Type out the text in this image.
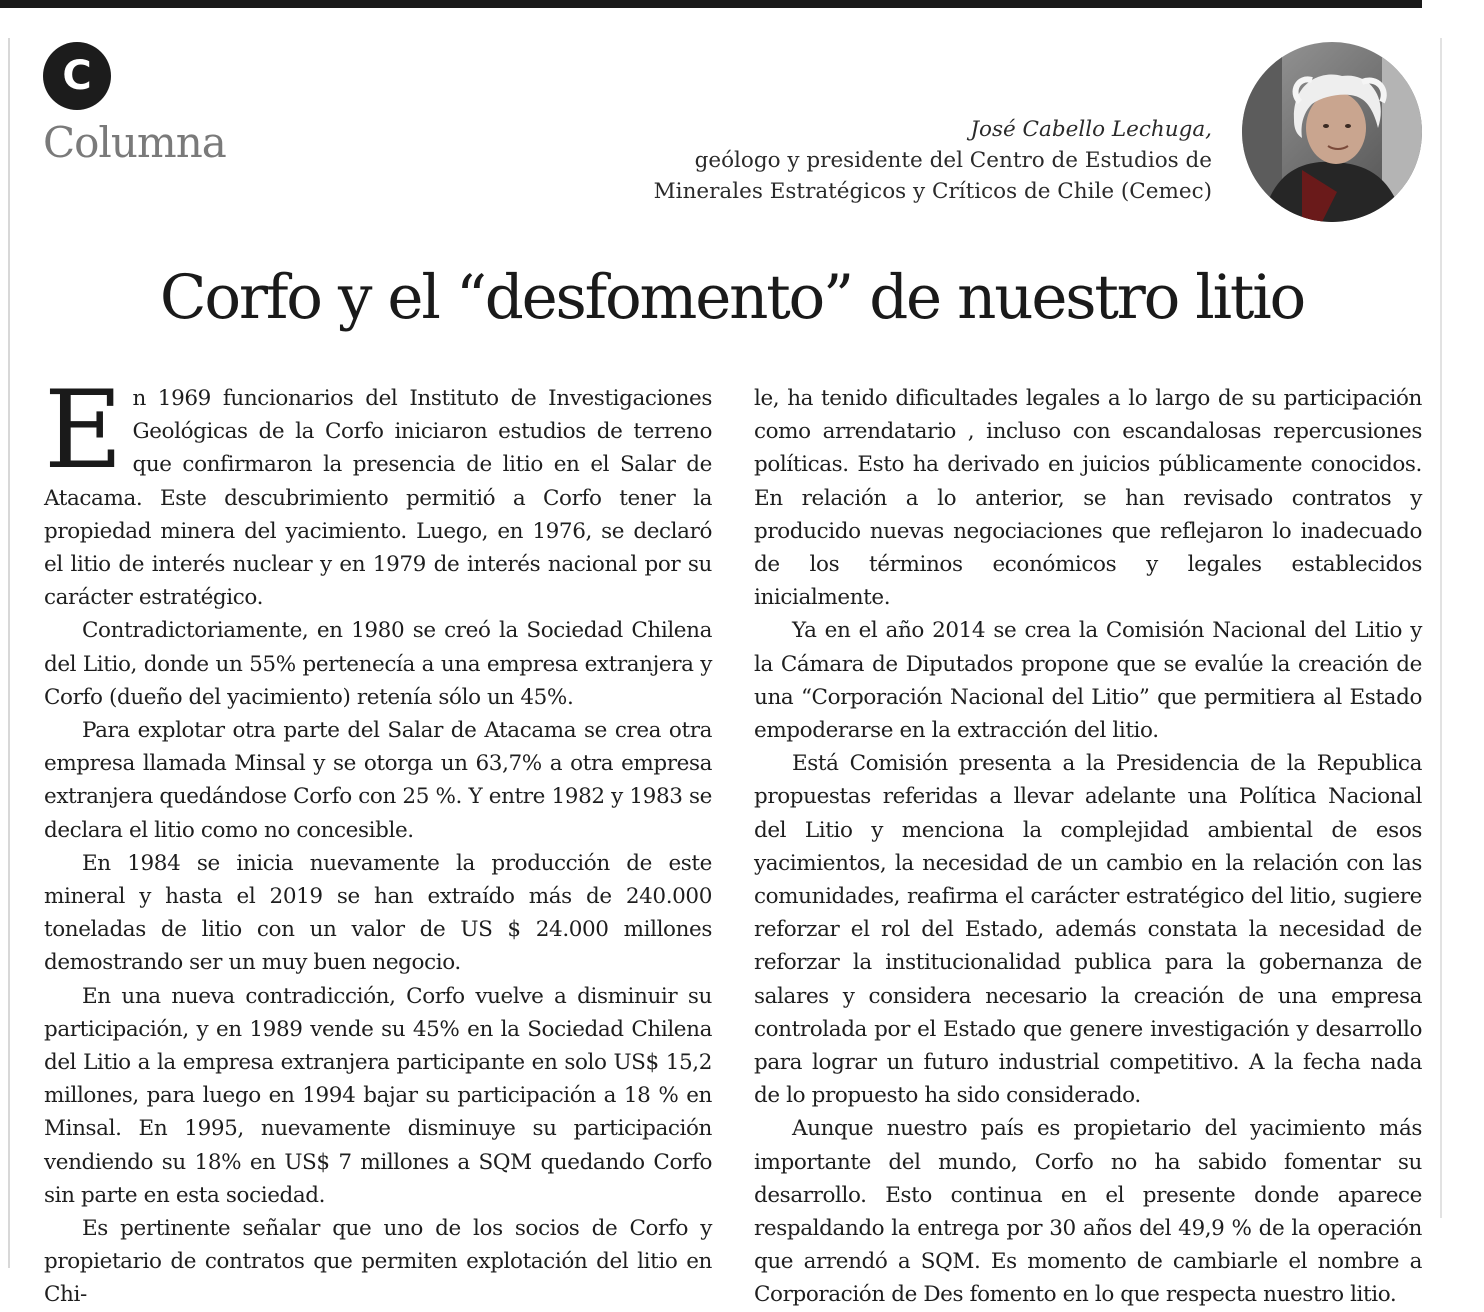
C
Columna	José Cabello Lechuga,
geólogo y presidente del Centro de Estudios de
Minerales Estratégicos y Críticos de Chile (Cemec)
Corfo y el “desfomento” de nuestro litio

En 1969 funcionarios del Instituto de Investigaciones Geológicas de la Corfo iniciaron estudios de terreno que confirmaron la presencia de litio en el Salar de Atacama. Este descubrimiento permitió a Corfo tener la propiedad minera del yacimiento. Luego, en 1976, se declaró el litio de interés nuclear y en 1979 de interés nacional por su carácter estratégico.

Contradictoriamente, en 1980 se creó la Sociedad Chilena del Litio, donde un 55% pertenecía a una empresa extranjera y Corfo (dueño del yacimiento) retenía sólo un 45%.

Para explotar otra parte del Salar de Atacama se crea otra empresa llamada Minsal y se otorga un 63,7% a otra empresa extranjera quedándose Corfo con 25 %. Y entre 1982 y 1983 se declara el litio como no concesible.

En 1984 se inicia nuevamente la producción de este mineral y hasta el 2019 se han extraído más de 240.000 toneladas de litio con un valor de US $ 24.000 millones demostrando ser un muy buen negocio.

En una nueva contradicción, Corfo vuelve a disminuir su participación, y en 1989 vende su 45% en la Sociedad Chilena del Litio a la empresa extranjera participante en solo US$ 15,2 millones, para luego en 1994 bajar su participación a 18 % en Minsal. En 1995, nuevamente disminuye su participación vendiendo su 18% en US$ 7 millones a SQM quedando Corfo sin parte en esta sociedad.

Es pertinente señalar que uno de los socios de Corfo y propietario de contratos que permiten explotación del litio en Chi-

le, ha tenido dificultades legales a lo largo de su participación como arrendatario , incluso con escandalosas repercusiones políticas. Esto ha derivado en juicios públicamente conocidos. En relación a lo anterior, se han revisado contratos y producido nuevas negociaciones que reflejaron lo inadecuado de los términos económicos y legales establecidos inicialmente.

Ya en el año 2014 se crea la Comisión Nacional del Litio y la Cámara de Diputados propone que se evalúe la creación de una “Corporación Nacional del Litio” que permitiera al Estado empoderarse en la extracción del litio.

Está Comisión presenta a la Presidencia de la Republica propuestas referidas a llevar adelante una Política Nacional del Litio y menciona la complejidad ambiental de esos yacimientos, la necesidad de un cambio en la relación con las comunidades, reafirma el carácter estratégico del litio, sugiere reforzar el rol del Estado, además constata la necesidad de reforzar la institucionalidad publica para la gobernanza de salares y considera necesario la creación de una empresa controlada por el Estado que genere investigación y desarrollo para lograr un futuro industrial competitivo. A la fecha nada de lo propuesto ha sido considerado.

Aunque nuestro país es propietario del yacimiento más importante del mundo, Corfo no ha sabido fomentar su desarrollo. Esto continua en el presente donde aparece respaldando la entrega por 30 años del 49,9 % de la operación que arrendó a SQM. Es momento de cambiarle el nombre a Corporación de Des fomento en lo que respecta nuestro litio.
